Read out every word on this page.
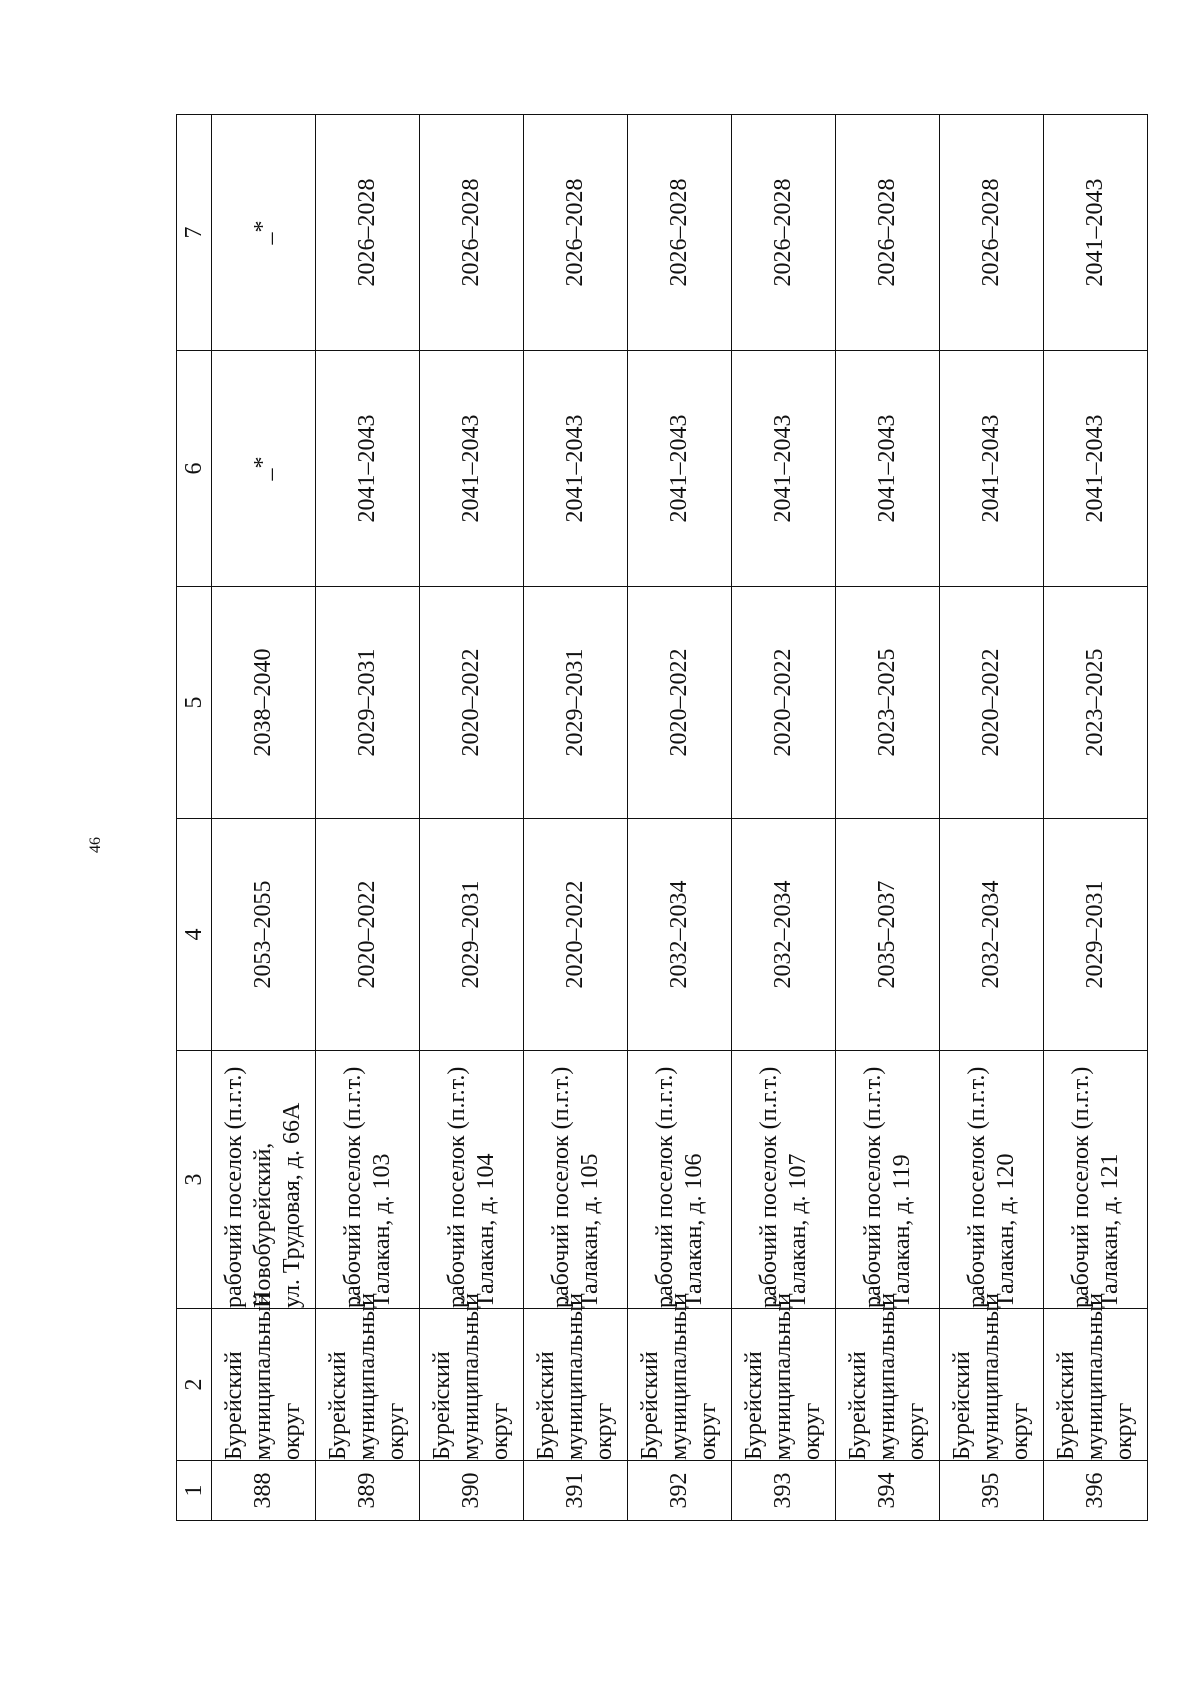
46
1	2	3	4	5	6	7
388	Бурейский муниципальный округ	рабочий поселок (п.г.т.) Новобурейский, ул. Трудовая, д. 66А	2053–2055	2038–2040	_*	_*
389	Бурейский муниципальный округ	рабочий поселок (п.г.т.) Талакан, д. 103	2020–2022	2029–2031	2041–2043	2026–2028
390	Бурейский муниципальный округ	рабочий поселок (п.г.т.) Талакан, д. 104	2029–2031	2020–2022	2041–2043	2026–2028
391	Бурейский муниципальный округ	рабочий поселок (п.г.т.) Талакан, д. 105	2020–2022	2029–2031	2041–2043	2026–2028
392	Бурейский муниципальный округ	рабочий поселок (п.г.т.) Талакан, д. 106	2032–2034	2020–2022	2041–2043	2026–2028
393	Бурейский муниципальный округ	рабочий поселок (п.г.т.) Талакан, д. 107	2032–2034	2020–2022	2041–2043	2026–2028
394	Бурейский муниципальный округ	рабочий поселок (п.г.т.) Талакан, д. 119	2035–2037	2023–2025	2041–2043	2026–2028
395	Бурейский муниципальный округ	рабочий поселок (п.г.т.) Талакан, д. 120	2032–2034	2020–2022	2041–2043	2026–2028
396	Бурейский муниципальный округ	рабочий поселок (п.г.т.) Талакан, д. 121	2029–2031	2023–2025	2041–2043	2041–2043
